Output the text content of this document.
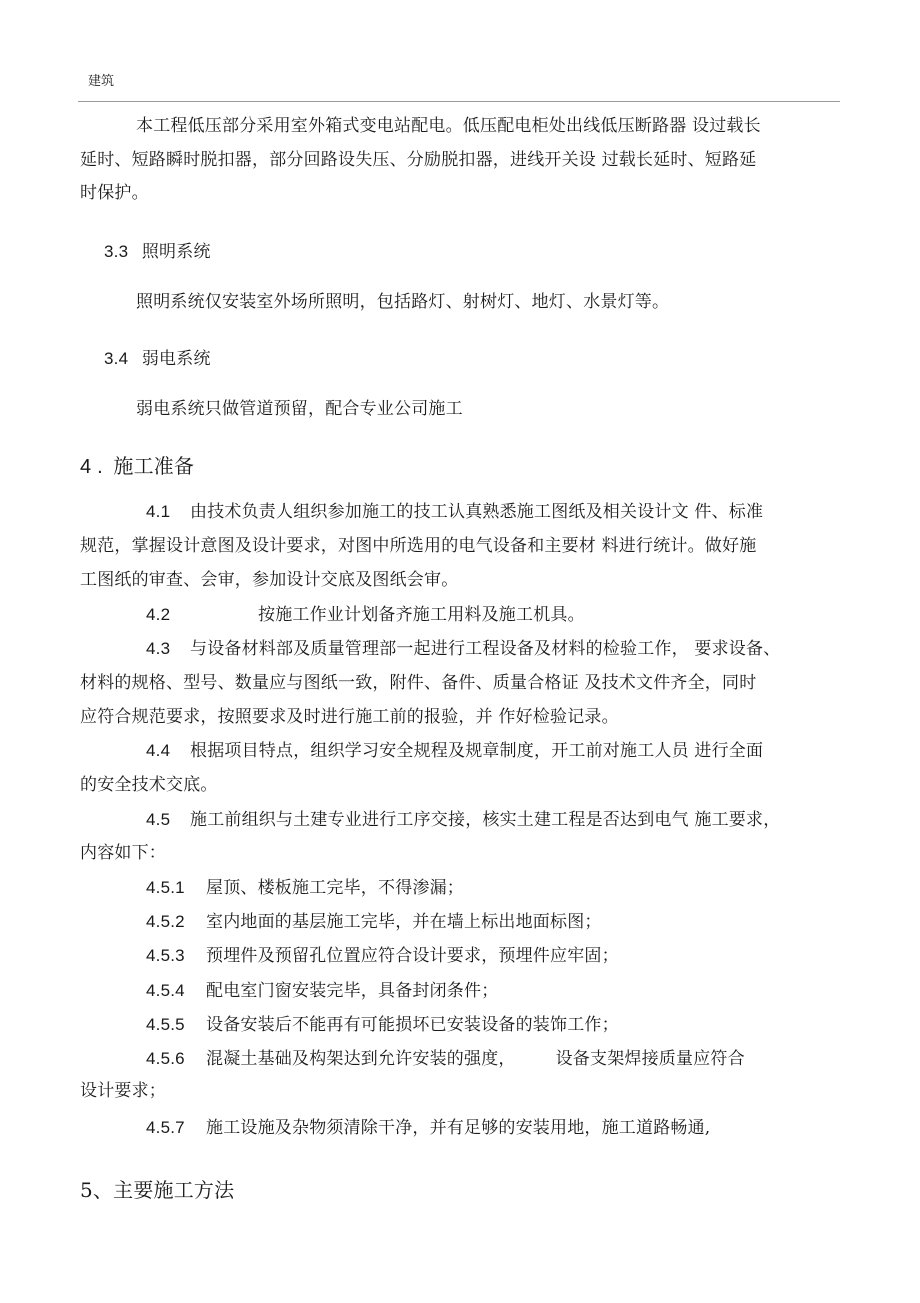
建筑
本工程低压部分采用室外箱式变电站配电。低压配电柜处出线低压断路器 设过载长
延时、短路瞬时脱扣器，部分回路设失压、分励脱扣器，进线开关设 过载长延时、短路延
时保护。
3.3 照明系统
照明系统仅安装室外场所照明，包括路灯、射树灯、地灯、水景灯等。
3.4 弱电系统
弱电系统只做管道预留，配合专业公司施工
4 . 施工准备
4.1 由技术负责人组织参加施工的技工认真熟悉施工图纸及相关设计文 件、标准
规范，掌握设计意图及设计要求，对图中所选用的电气设备和主要材 料进行统计。做好施
工图纸的审查、会审，参加设计交底及图纸会审。
4.2	按施工作业计划备齐施工用料及施工机具。
4.3 与设备材料部及质量管理部一起进行工程设备及材料的检验工作， 要求设备、
材料的规格、型号、数量应与图纸一致，附件、备件、质量合格证 及技术文件齐全，同时
应符合规范要求，按照要求及时进行施工前的报验，并 作好检验记录。
4.4 根据项目特点，组织学习安全规程及规章制度，开工前对施工人员 进行全面
的安全技术交底。
4.5 施工前组织与土建专业进行工序交接，核实土建工程是否达到电气 施工要求，
内容如下：
4.5.1 屋顶、楼板施工完毕，不得渗漏；
4.5.2 室内地面的基层施工完毕，并在墙上标出地面标图；
4.5.3 预埋件及预留孔位置应符合设计要求，预埋件应牢固；
4.5.4 配电室门窗安装完毕，具备封闭条件；
4.5.5 设备安装后不能再有可能损坏已安装设备的装饰工作；
4.5.6 混凝土基础及构架达到允许安装的强度， 设备支架焊接质量应符合
设计要求；
4.5.7 施工设施及杂物须清除干净，并有足够的安装用地，施工道路畅通,
5、主要施工方法
